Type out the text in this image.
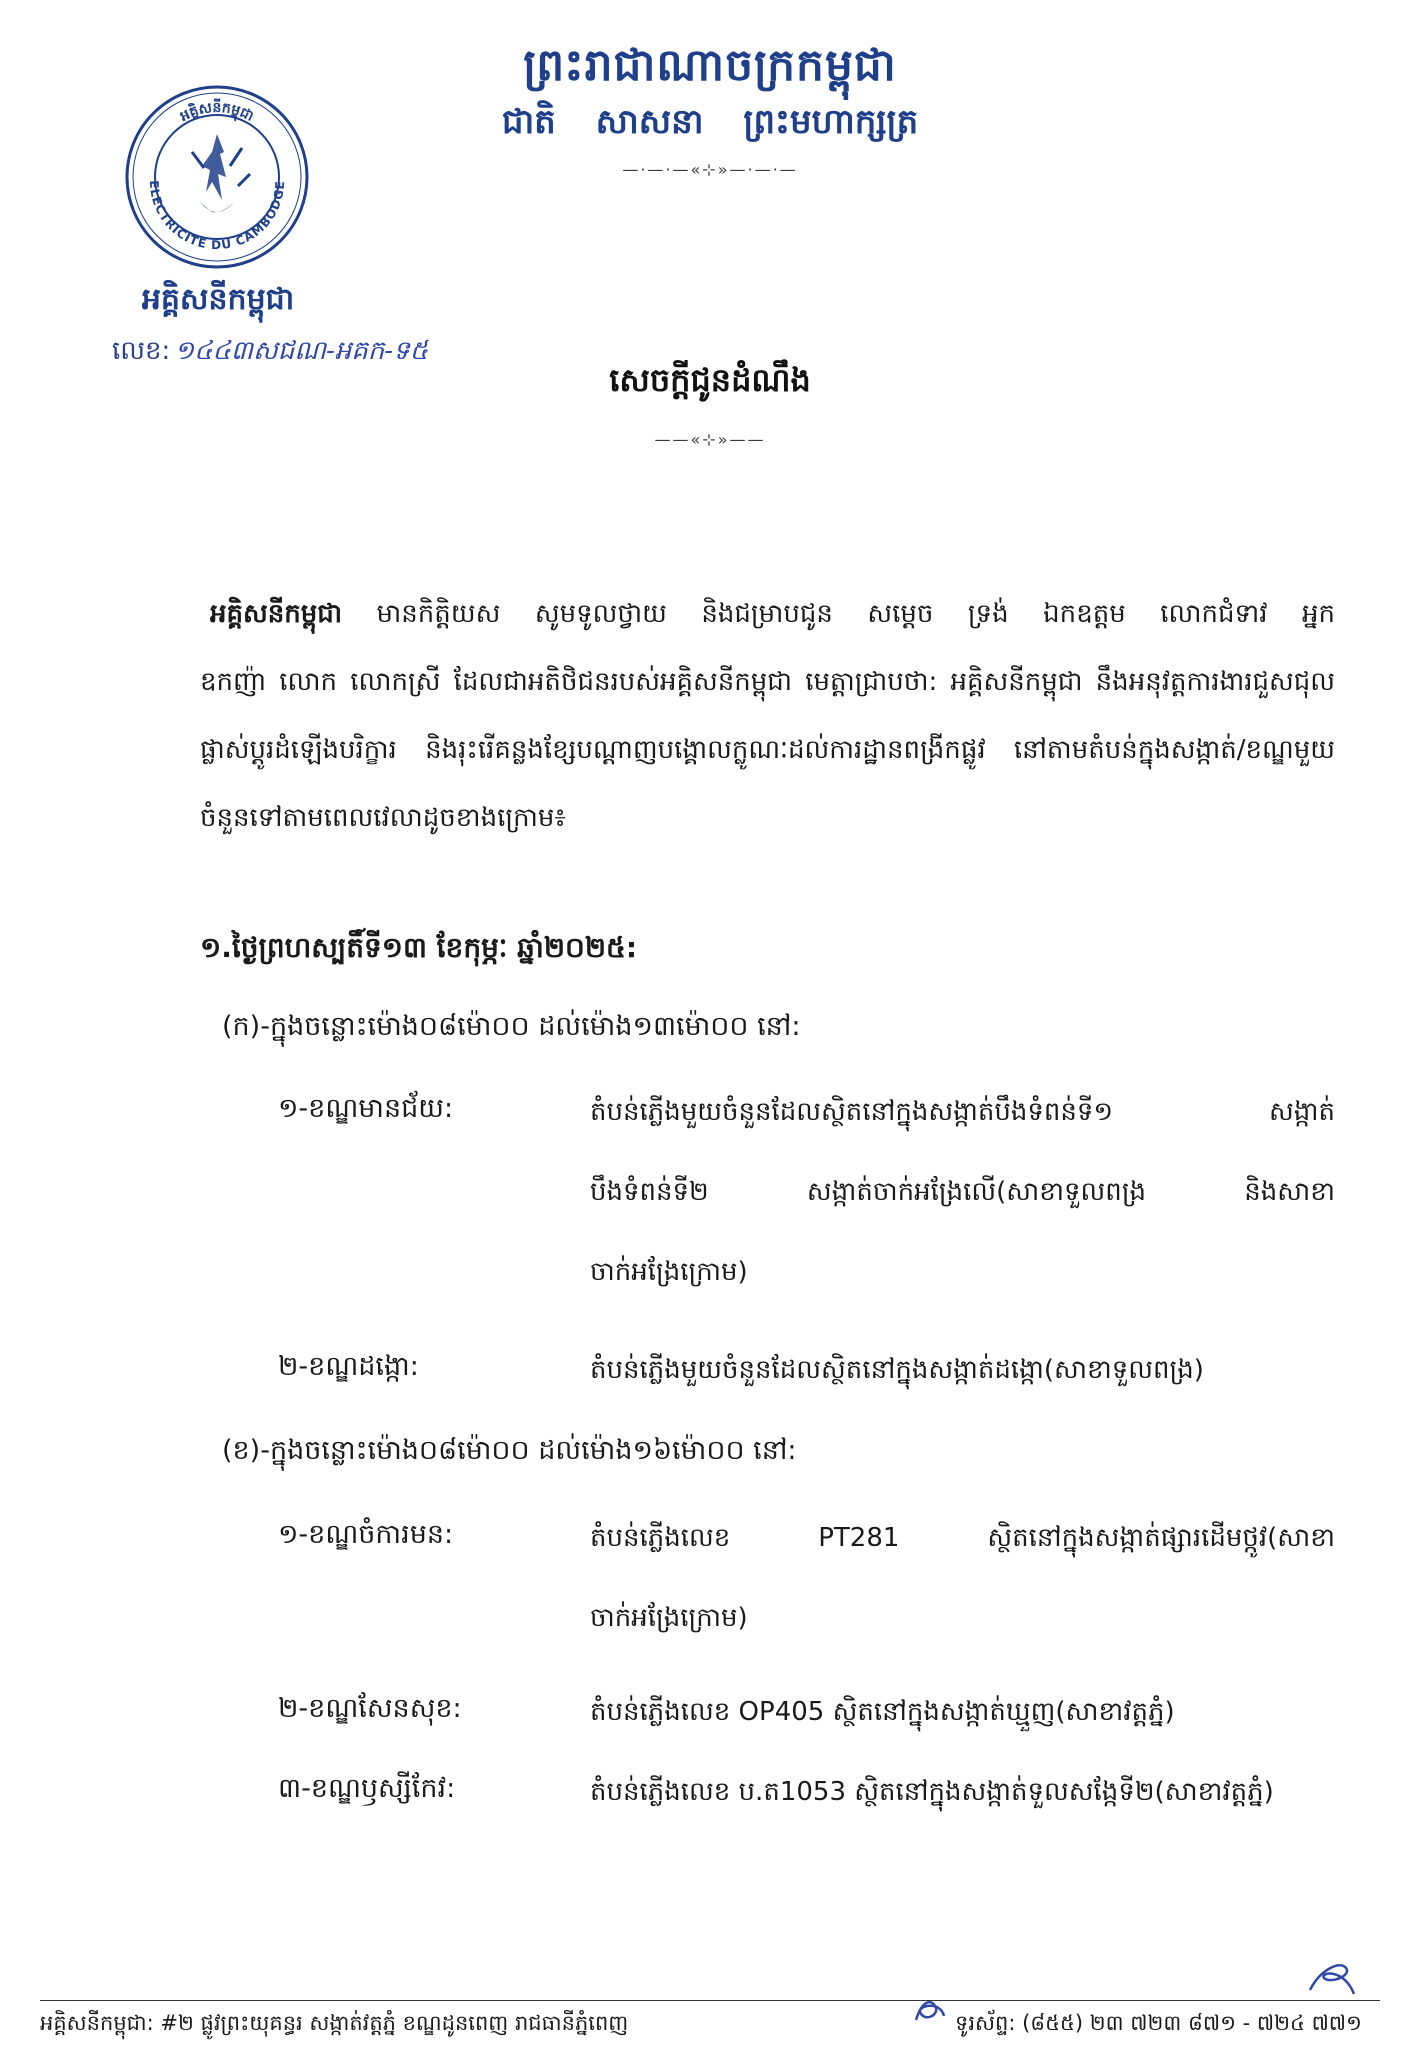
ព្រះរាជាណាចក្រកម្ពុជា
ជាតិ សាសនា ព្រះមហាក្សត្រ
—·—·—«⊹»—·—·—
អគ្គិសនីកម្ពុជា
ELECTRICITE DU CAMBODGE
អគ្គិសនីកម្ពុជា
លេខ: ១៤៤៣សជណ-អគក-ទ៥
សេចក្ដីជូនដំណឹង
——«⊹»——
អគ្គិសនីកម្ពុជា មានកិត្តិយស សូមទូលថ្វាយ និងជម្រាបជូន សម្ដេច ទ្រង់ ឯកឧត្ដម លោកជំទាវ អ្នក
ឧកញ៉ា លោក លោកស្រី ដែលជាអតិថិជនរបស់អគ្គិសនីកម្ពុជា មេត្តាជ្រាបថា: អគ្គិសនីកម្ពុជា នឹងអនុវត្តការងារជួសជុល
ផ្លាស់ប្ដូរដំឡើងបរិក្ខារ និងរុះរើគន្លងខ្សែបណ្ដាញបង្គោលក្លូណៈដល់ការដ្ឋានពង្រីកផ្លូវ នៅតាមតំបន់ក្នុងសង្កាត់/ខណ្ឌមួយ
ចំនួនទៅតាមពេលវេលាដូចខាងក្រោម៖
១.ថ្ងៃព្រហស្បតិ៍ទី១៣ ខែកុម្ភៈ ឆ្នាំ២០២៥:
(ក)-ក្នុងចន្លោះម៉ោង០៨ម៉ោ០០ ដល់ម៉ោង១៣ម៉ោ០០ នៅ:
១-ខណ្ឌមានជ័យ:	តំបន់ភ្លើងមួយចំនួនដែលស្ថិតនៅក្នុងសង្កាត់បឹងទំពន់ទី១ សង្កាត់
បឹងទំពន់ទី២ សង្កាត់ចាក់អង្រែលើ(សាខាទួលពង្រ និងសាខា
ចាក់អង្រែក្រោម)
២-ខណ្ឌដង្កោ:	តំបន់ភ្លើងមួយចំនួនដែលស្ថិតនៅក្នុងសង្កាត់ដង្កោ(សាខាទួលពង្រ)
(ខ)-ក្នុងចន្លោះម៉ោង០៨ម៉ោ០០ ដល់ម៉ោង១៦ម៉ោ០០ នៅ:
១-ខណ្ឌចំការមន:	តំបន់ភ្លើងលេខ PT281 ស្ថិតនៅក្នុងសង្កាត់ផ្សារដើមថ្កូវ(សាខា
ចាក់អង្រែក្រោម)
២-ខណ្ឌសែនសុខ:	តំបន់ភ្លើងលេខ OP405 ស្ថិតនៅក្នុងសង្កាត់ឃ្មួញ(សាខាវត្តភ្នំ)
៣-ខណ្ឌឫស្សីកែវ:	តំបន់ភ្លើងលេខ ប.ត1053 ស្ថិតនៅក្នុងសង្កាត់ទួលសង្កែទី២(សាខាវត្តភ្នំ)
អគ្គិសនីកម្ពុជា: #២ ផ្លូវព្រះយុគន្ធរ សង្កាត់វត្តភ្នំ ខណ្ឌដូនពេញ រាជធានីភ្នំពេញ	ទូរស័ព្ទ: (៨៥៥) ២៣ ៧២៣ ៨៧១ - ៧២៤ ៧៧១
